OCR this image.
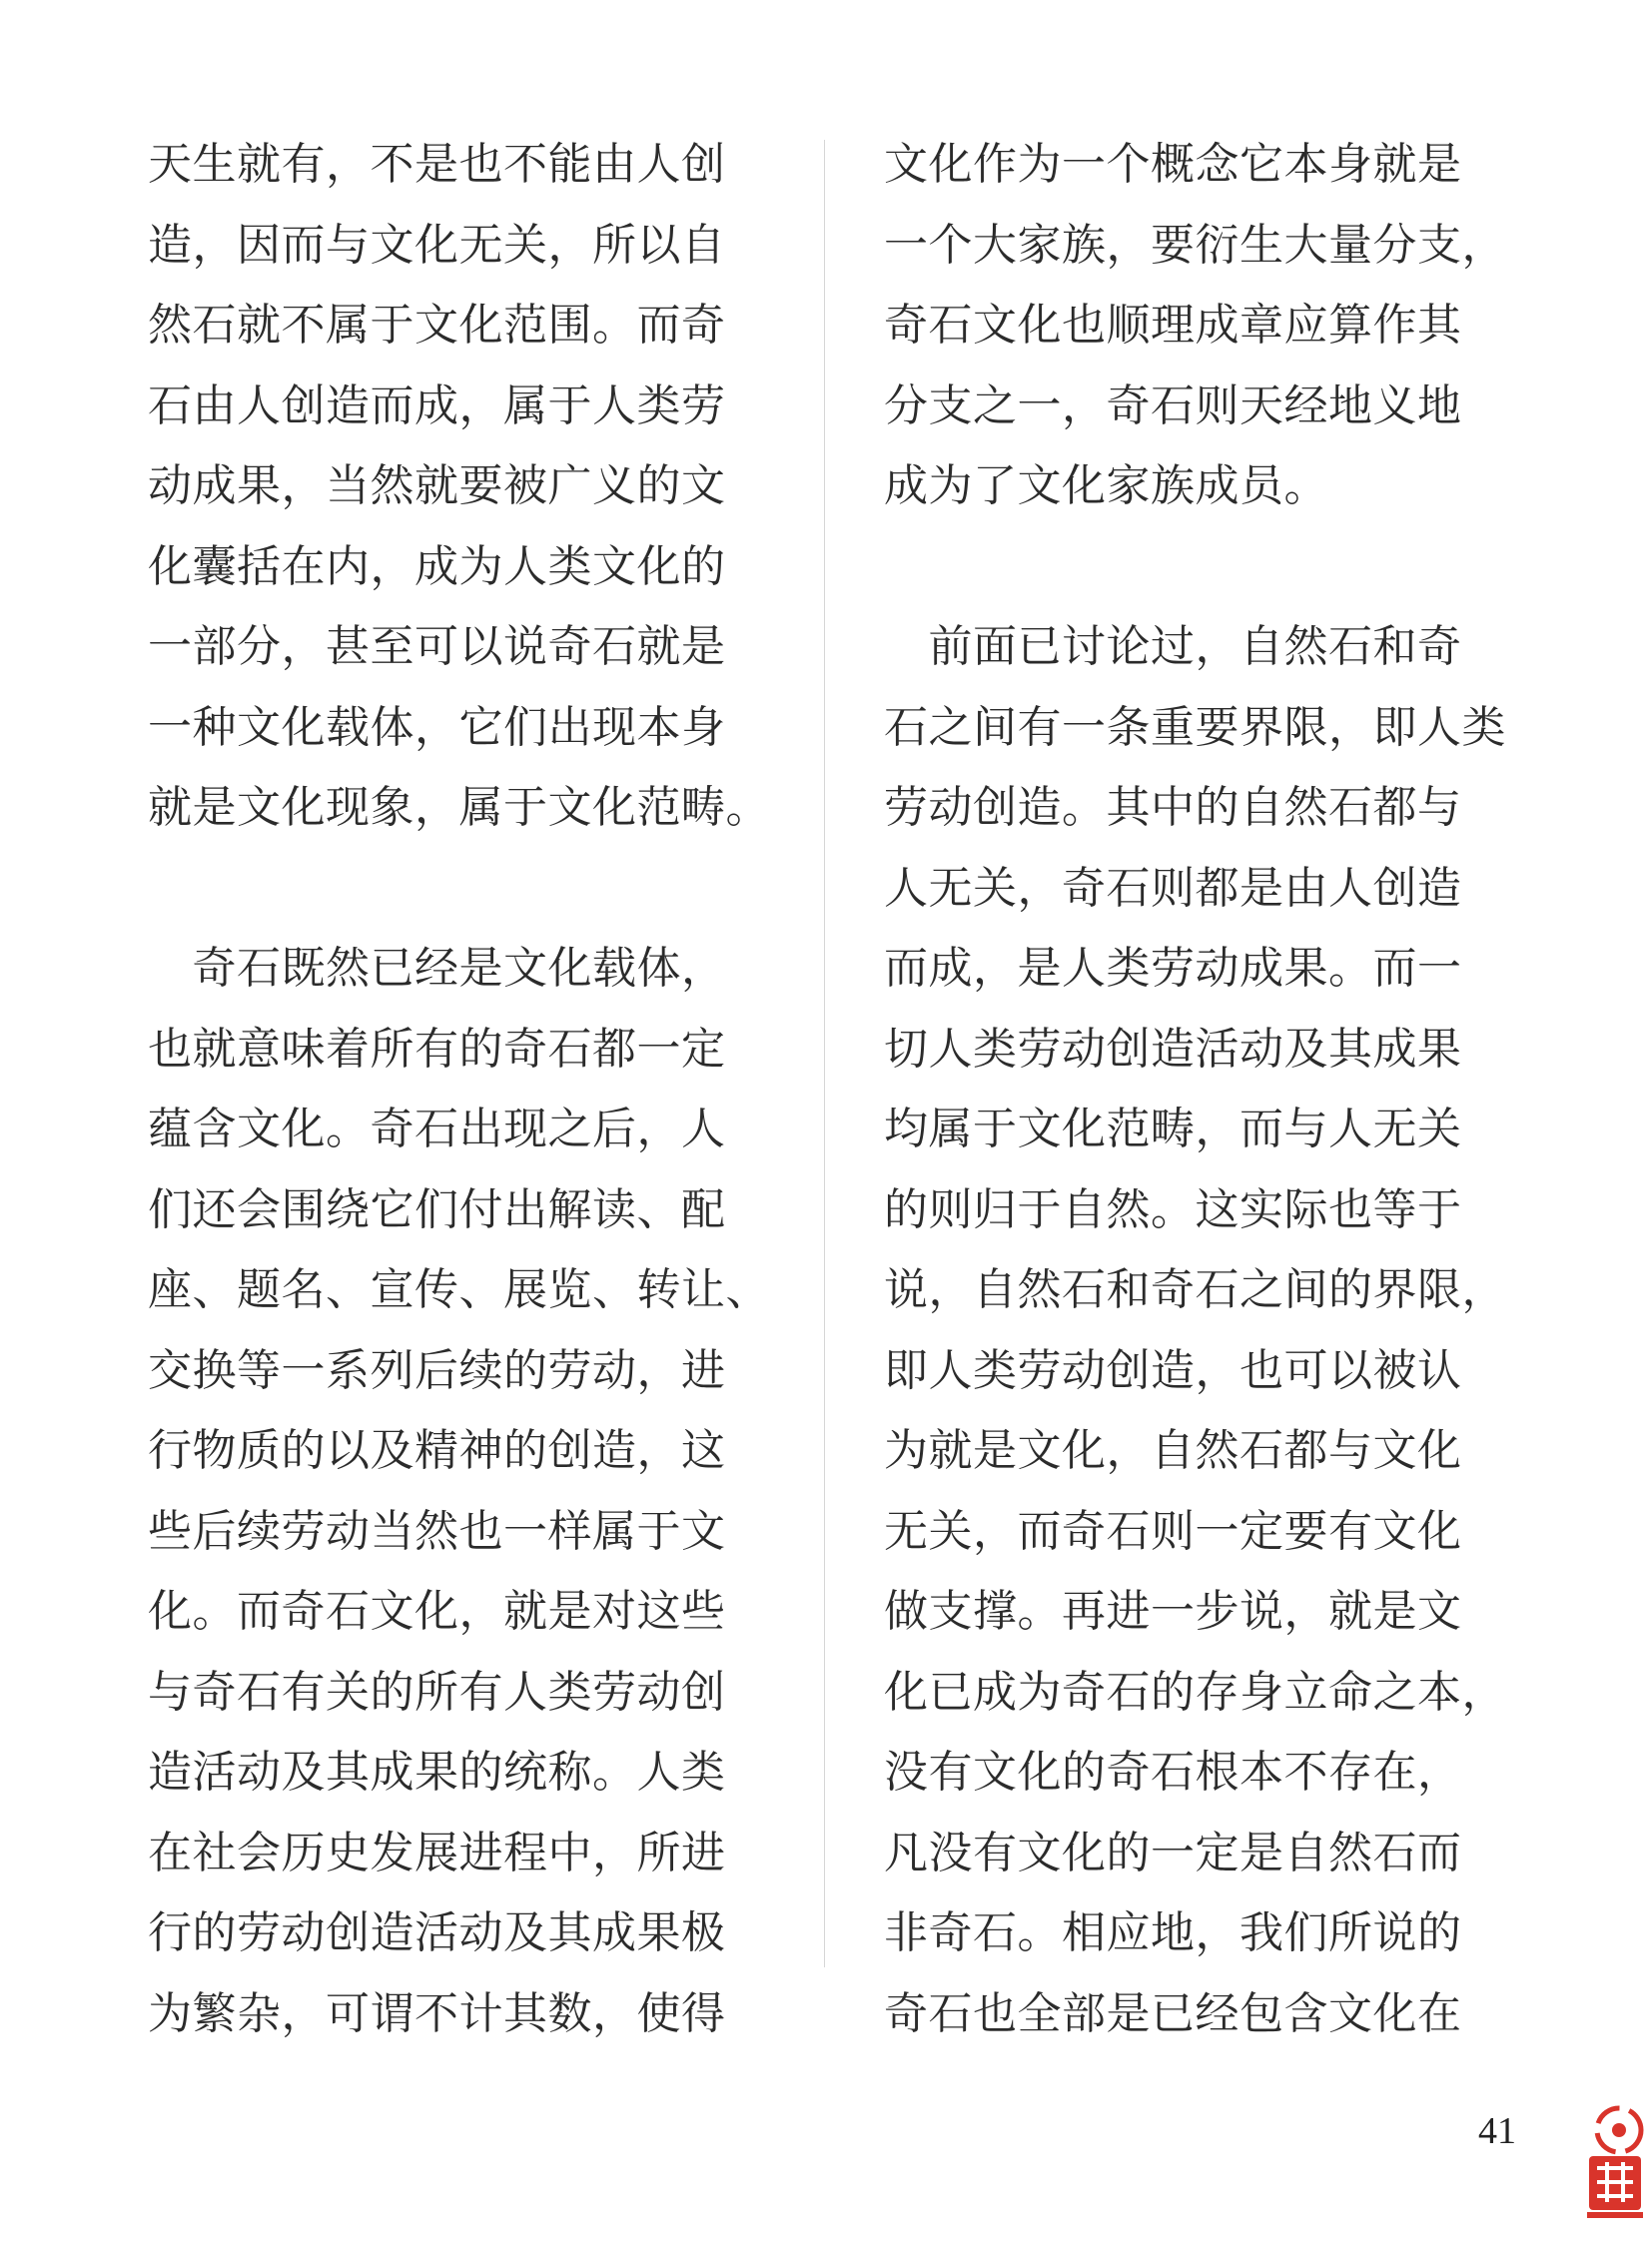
天生就有，不是也不能由人创
造，因而与文化无关，所以自
然石就不属于文化范围。而奇
石由人创造而成，属于人类劳
动成果，当然就要被广义的文
化囊括在内，成为人类文化的
一部分，甚至可以说奇石就是
一种文化载体，它们出现本身
就是文化现象，属于文化范畴。
　奇石既然已经是文化载体，
也就意味着所有的奇石都一定
蕴含文化。奇石出现之后，人
们还会围绕它们付出解读、配
座、题名、宣传、展览、转让、
交换等一系列后续的劳动，进
行物质的以及精神的创造，这
些后续劳动当然也一样属于文
化。而奇石文化，就是对这些
与奇石有关的所有人类劳动创
造活动及其成果的统称。人类
在社会历史发展进程中，所进
行的劳动创造活动及其成果极
为繁杂，可谓不计其数，使得
文化作为一个概念它本身就是
一个大家族，要衍生大量分支，
奇石文化也顺理成章应算作其
分支之一，奇石则天经地义地
成为了文化家族成员。
　前面已讨论过，自然石和奇
石之间有一条重要界限，即人类
劳动创造。其中的自然石都与
人无关，奇石则都是由人创造
而成，是人类劳动成果。而一
切人类劳动创造活动及其成果
均属于文化范畴，而与人无关
的则归于自然。这实际也等于
说，自然石和奇石之间的界限，
即人类劳动创造，也可以被认
为就是文化，自然石都与文化
无关，而奇石则一定要有文化
做支撑。再进一步说，就是文
化已成为奇石的存身立命之本，
没有文化的奇石根本不存在，
凡没有文化的一定是自然石而
非奇石。相应地，我们所说的
奇石也全部是已经包含文化在
41
